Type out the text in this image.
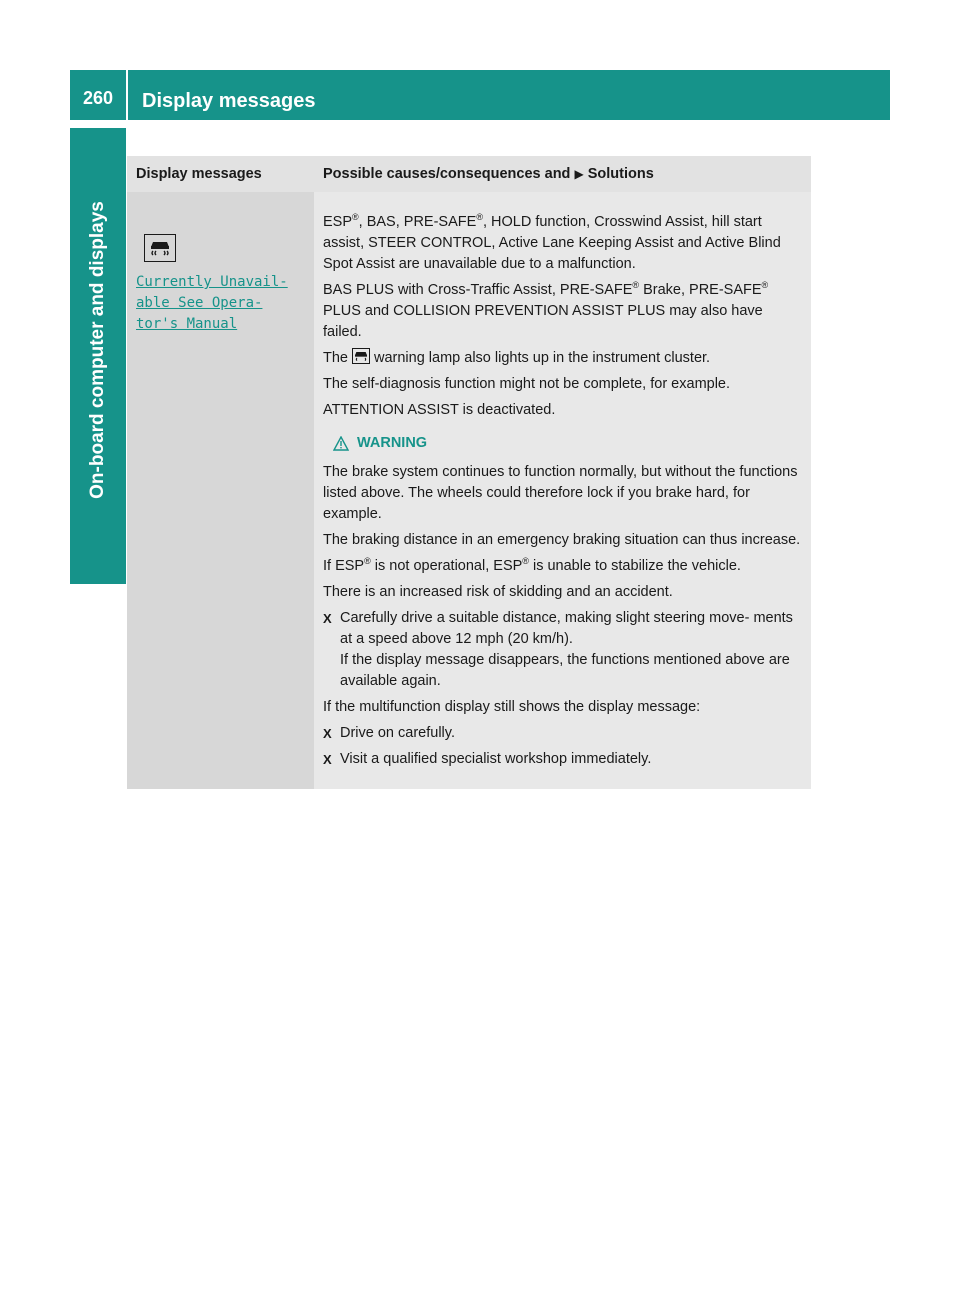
260	Display messages
On-board computer and displays
Display messages	Possible causes/consequences and ▶ Solutions
Currently Unavail‐
able See Opera‐
tor's Manual

ESP®, BAS, PRE-SAFE®, HOLD function, Crosswind Assist, hill start assist, STEER CONTROL, Active Lane Keeping Assist and Active Blind Spot Assist are unavailable due to a malfunction.

BAS PLUS with Cross-Traffic Assist, PRE-SAFE® Brake, PRE-SAFE® PLUS and COLLISION PREVENTION ASSIST PLUS may also have failed.

The warning lamp also lights up in the instrument cluster.

The self-diagnosis function might not be complete, for example.

ATTENTION ASSIST is deactivated.

WARNING

The brake system continues to function normally, but without the functions listed above. The wheels could therefore lock if you brake hard, for example.

The braking distance in an emergency braking situation can thus increase.

If ESP® is not operational, ESP® is unable to stabilize the vehicle.

There is an increased risk of skidding and an accident.

X Carefully drive a suitable distance, making slight steering move‐ ments at a speed above 12 mph (20 km/h).
If the display message disappears, the functions mentioned above are available again.

If the multifunction display still shows the display message:

X Drive on carefully.
X Visit a qualified specialist workshop immediately.
